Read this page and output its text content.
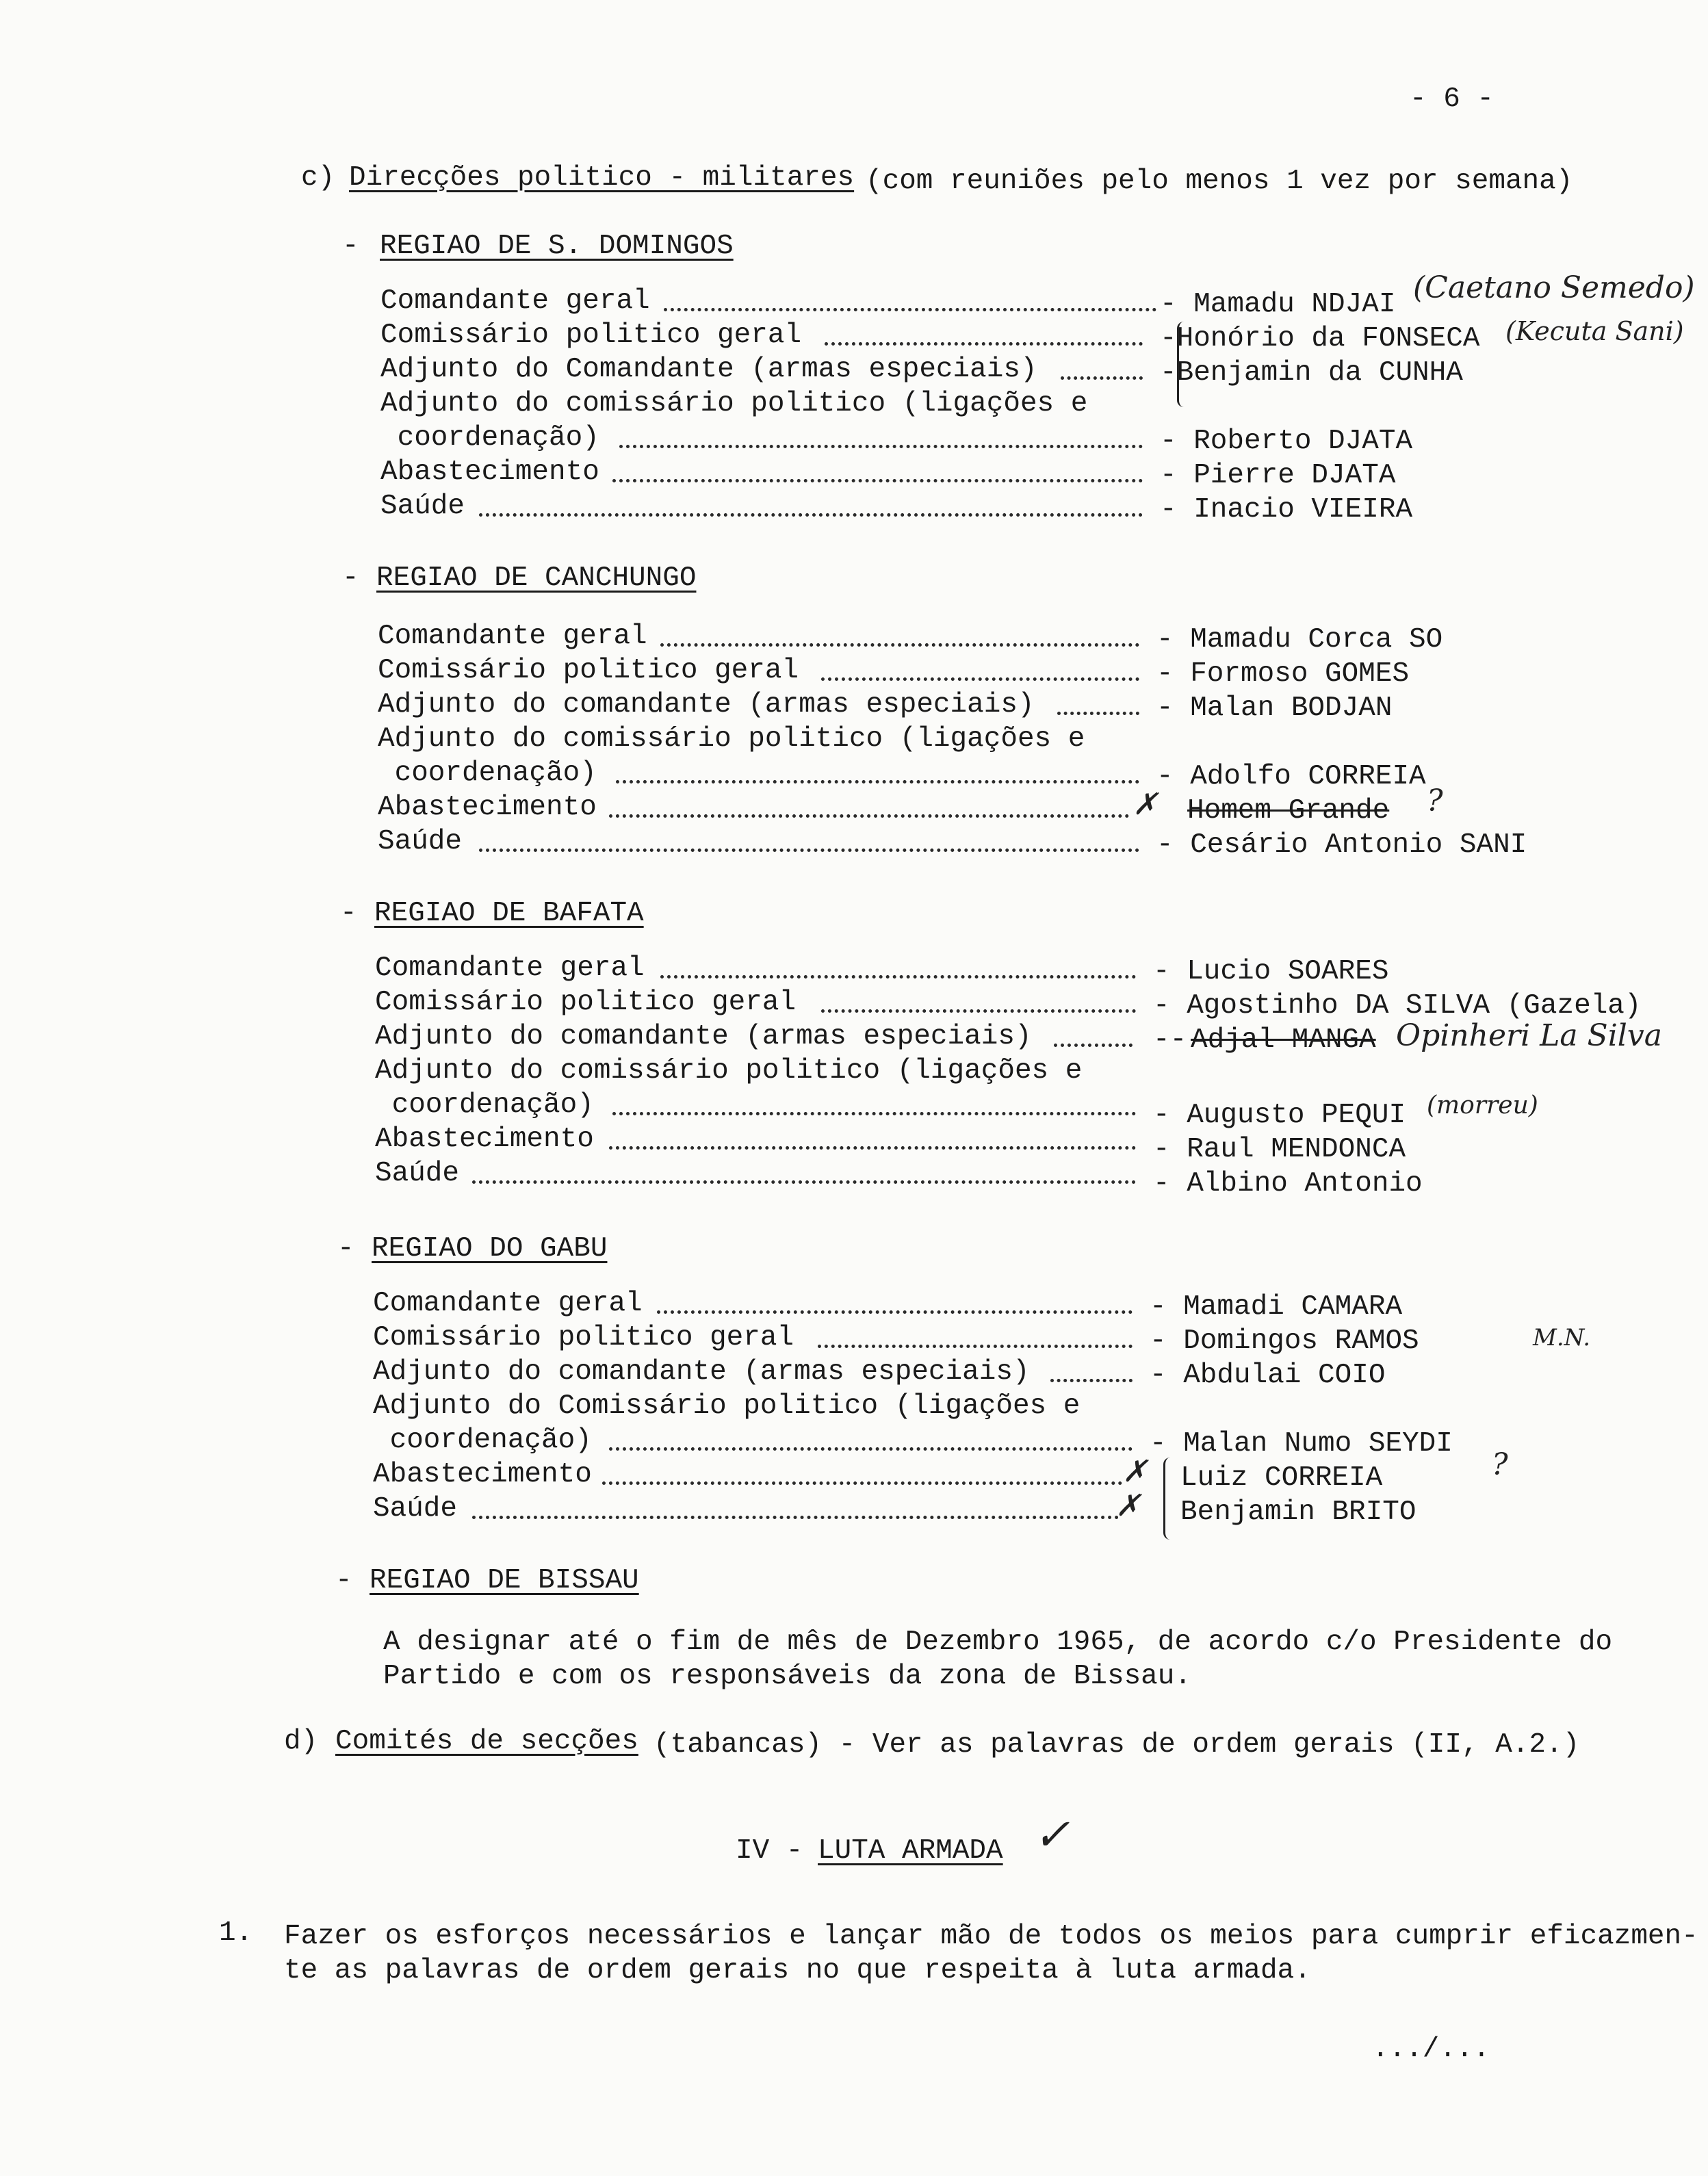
- 6 -
c) Direcções politico - militares (com reuniões pelo menos 1 vez por semana)
- REGIAO DE S. DOMINGOS
Comandante geral	- Mamadu NDJAI
Comissário politico geral	-Honório da FONSECA
Adjunto do Comandante (armas especiais)	-Benjamin da CUNHA
Adjunto do comissário politico (ligações e
coordenação)	- Roberto DJATA
Abastecimento	- Pierre DJATA
Saúde	- Inacio VIEIRA
- REGIAO DE CANCHUNGO
Comandante geral	- Mamadu Corca SO
Comissário politico geral	- Formoso GOMES
Adjunto do comandante (armas especiais)	- Malan BODJAN
Adjunto do comissário politico (ligações e
coordenação)	- Adolfo CORREIA
Abastecimento	✗ Homem Grande ?
Saúde	- Cesário Antonio SANI
- REGIAO DE BAFATA
Comandante geral	- Lucio SOARES
Comissário politico geral	- Agostinho DA SILVA (Gazela)
Adjunto do comandante (armas especiais)	-- Adjal MANGA Opinheri La Silva
Adjunto do comissário politico (ligações e
coordenação)	- Augusto PEQUI (morreu)
Abastecimento	- Raul MENDONCA
Saúde	- Albino Antonio
- REGIAO DO GABU
Comandante geral	- Mamadi CAMARA
Comissário politico geral	- Domingos RAMOS	M.N.
Adjunto do comandante (armas especiais)	- Abdulai COIO
Adjunto do Comissário politico (ligações e
coordenação)	- Malan Numo SEYDI
Abastecimento	✗ Luiz CORREIA	?
Saúde	✗ Benjamin BRITO
- REGIAO DE BISSAU
A designar até o fim de mês de Dezembro 1965, de acordo c/o Presidente do
Partido e com os responsáveis da zona de Bissau.
d) Comités de secções (tabancas) - Ver as palavras de ordem gerais (II, A.2.)
IV -
LUTA ARMADA ✓
1. Fazer os esforços necessários e lançar mão de todos os meios para cumprir eficazmen-
te as palavras de ordem gerais no que respeita à luta armada.
.../...
(Caetano Semedo)
(Kecuta Sani)
